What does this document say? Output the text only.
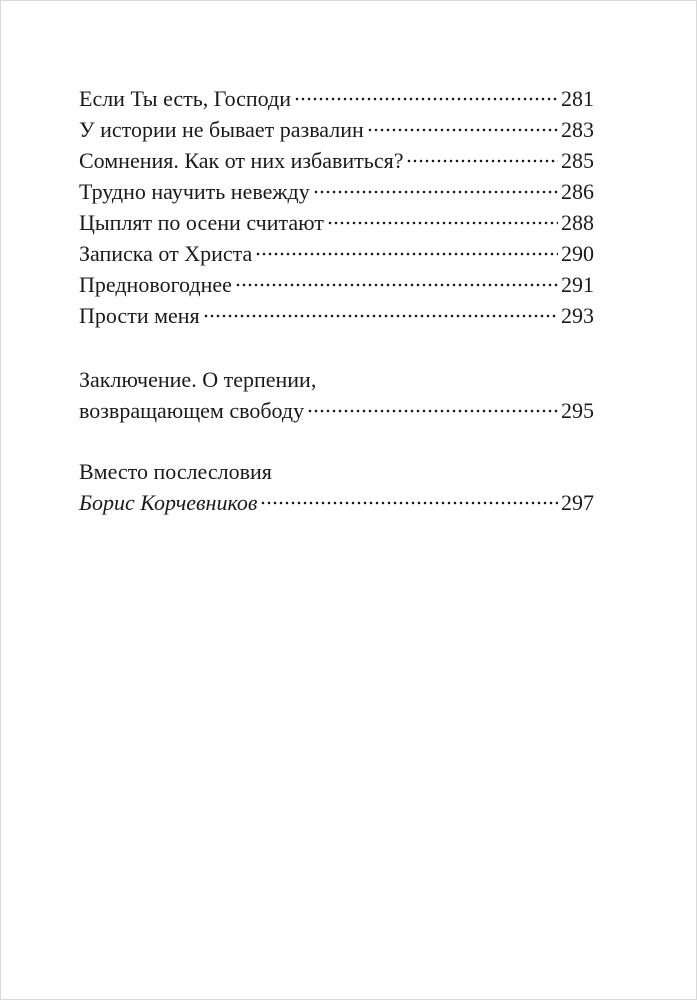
Если Ты есть, Господи	281
У истории не бывает развалин	283
Сомнения. Как от них избавиться?	285
Трудно научить невежду	286
Цыплят по осени считают	288
Записка от Христа	290
Предновогоднее	291
Прости меня	293
Заключение. О терпении,
возвращающем свободу	295
Вместо послесловия
Борис Корчевников	297
